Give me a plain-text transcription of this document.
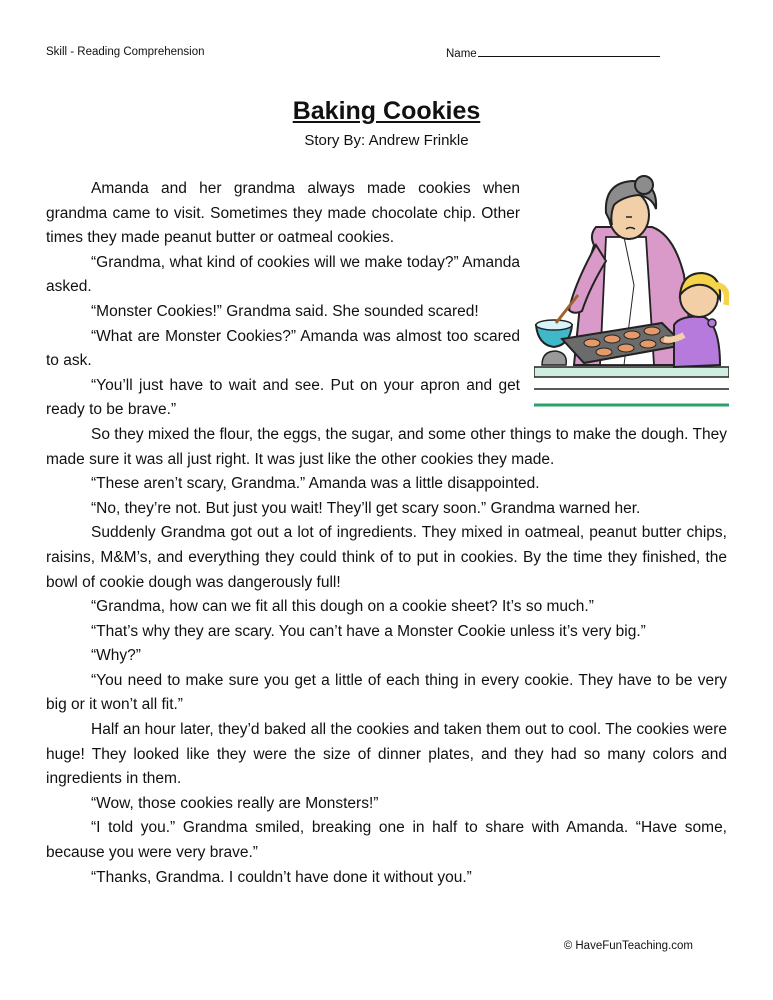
Skill - Reading Comprehension	Name
Baking Cookies
Story By: Andrew Frinkle

Amanda and her grandma always made cookies when grandma came to visit. Sometimes they made chocolate chip. Other times they made peanut butter or oatmeal cookies.

“Grandma, what kind of cookies will we make today?” Amanda asked.

“Monster Cookies!” Grandma said. She sounded scared!

“What are Monster Cookies?” Amanda was almost too scared to ask.

“You’ll just have to wait and see. Put on your apron and get ready to be brave.”

So they mixed the flour, the eggs, the sugar, and some other things to make the dough. They made sure it was all just right. It was just like the other cookies they made.

“These aren’t scary, Grandma.” Amanda was a little disappointed.

“No, they’re not. But just you wait! They’ll get scary soon.” Grandma warned her.

Suddenly Grandma got out a lot of ingredients. They mixed in oatmeal, peanut butter chips, raisins, M&M’s, and everything they could think of to put in cookies. By the time they finished, the bowl of cookie dough was dangerously full!

“Grandma, how can we fit all this dough on a cookie sheet? It’s so much.”

“That’s why they are scary. You can’t have a Monster Cookie unless it’s very big.”

“Why?”

“You need to make sure you get a little of each thing in every cookie. They have to be very big or it won’t all fit.”

Half an hour later, they’d baked all the cookies and taken them out to cool. The cookies were huge! They looked like they were the size of dinner plates, and they had so many colors and ingredients in them.

“Wow, those cookies really are Monsters!”

“I told you.” Grandma smiled, breaking one in half to share with Amanda. “Have some, because you were very brave.”

“Thanks, Grandma. I couldn’t have done it without you.”

© HaveFunTeaching.com
